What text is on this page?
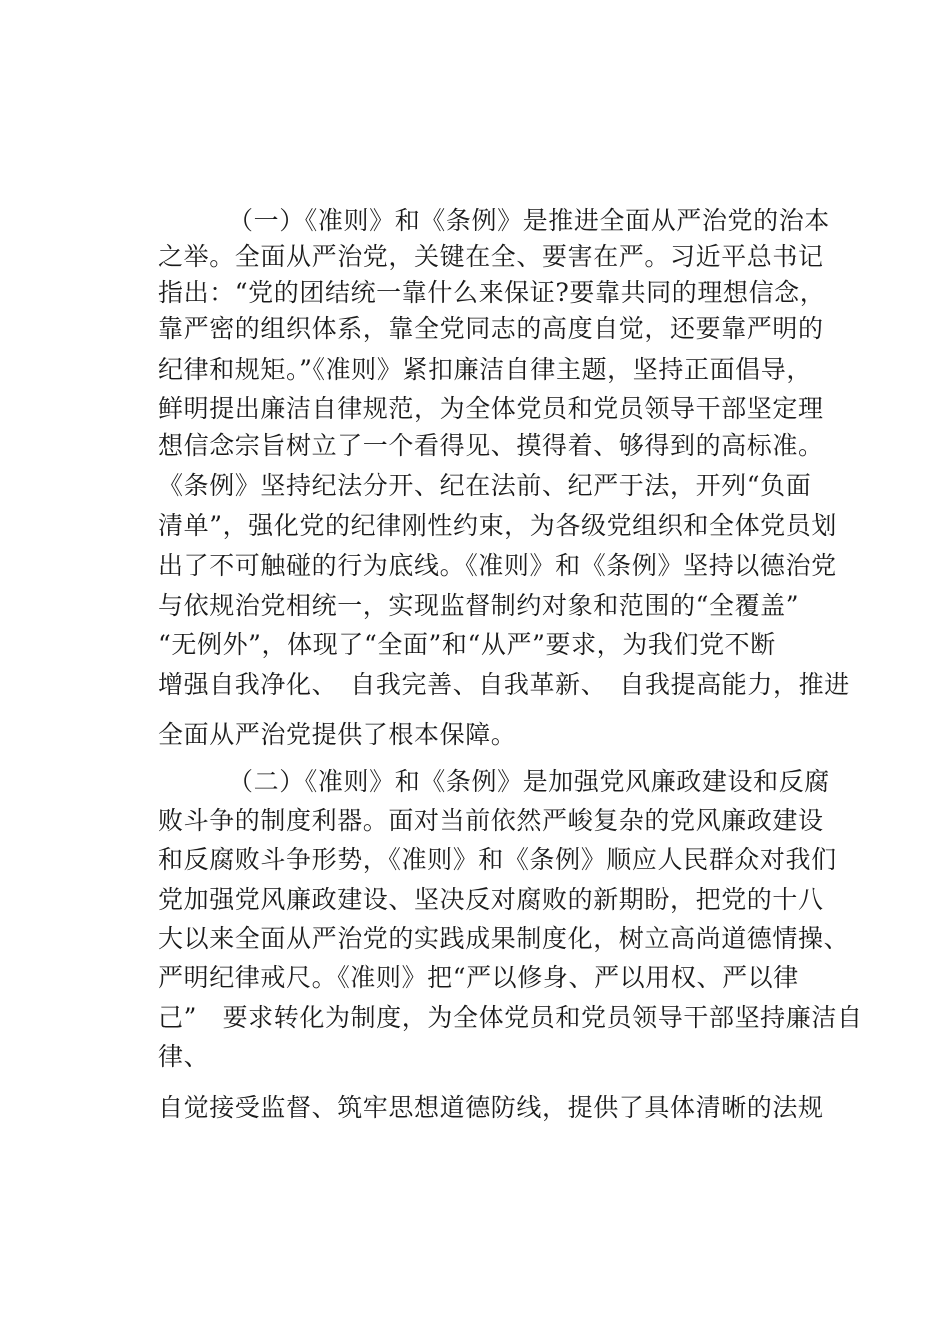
（一）《准则》和《条例》是推进全面从严治党的治本
之举。全面从严治党，关键在全、要害在严。习近平总书记
指出：“党的团结统一靠什么来保证?要靠共同的理想信念，
靠严密的组织体系，靠全党同志的高度自觉，还要靠严明的
纪律和规矩。”《准则》紧扣廉洁自律主题，坚持正面倡导，
鲜明提出廉洁自律规范，为全体党员和党员领导干部坚定理
想信念宗旨树立了一个看得见、摸得着、够得到的高标准。
《条例》坚持纪法分开、纪在法前、纪严于法，开列“负面
清单”，强化党的纪律刚性约束，为各级党组织和全体党员划
出了不可触碰的行为底线。《准则》和《条例》坚持以德治党
与依规治党相统一，实现监督制约对象和范围的“全覆盖”
“无例外”，体现了“全面”和“从严”要求，为我们党不断
增强自我净化、　自我完善、自我革新、　自我提高能力，推进
全面从严治党提供了根本保障。
（二）《准则》和《条例》是加强党风廉政建设和反腐
败斗争的制度利器。面对当前依然严峻复杂的党风廉政建设
和反腐败斗争形势，《准则》和《条例》顺应人民群众对我们
党加强党风廉政建设、坚决反对腐败的新期盼，把党的十八
大以来全面从严治党的实践成果制度化，树立高尚道德情操、
严明纪律戒尺。《准则》把“严以修身、严以用权、严以律
己”　要求转化为制度，为全体党员和党员领导干部坚持廉洁自
律、
自觉接受监督、筑牢思想道德防线，提供了具体清晰的法规
